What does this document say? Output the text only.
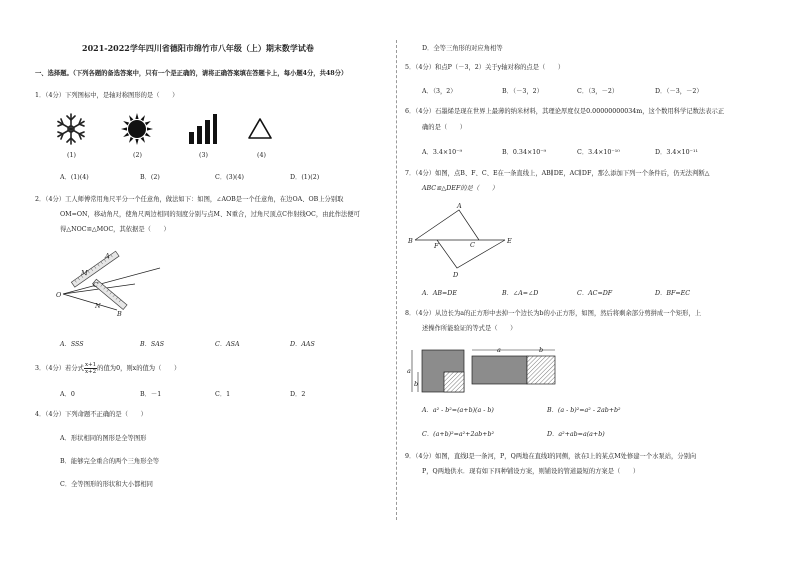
2021-2022学年四川省德阳市绵竹市八年级（上）期末数学试卷
一、选择题。（下列各题的备选答案中，只有一个是正确的，请将正确答案填在答题卡上，每小题4分，共48分）
1．（4分）下列图标中，是轴对称图形的是（　　）
(1)	(2)	(3)	(4)
A．(1)(4)	B．(2)	C．(3)(4)	D．(1)(2)
2．（4分）工人师傅常用角尺平分一个任意角，做法如下：如图，∠AOB是一个任意角，在边OA、OB上分别取
OM=ON，移动角尺，使角尺两边相同的刻度分别与点M、N重合，过角尺顶点C作射线OC，由此作法便可
得△NOC≌△MOC，其依据是（　　）
A
M
C
O
N
B
A．SSS	B．SAS	C．ASA	D．AAS
3．（4分）若分式 $\frac{x+1}{x+2}$ 的值为0，则x的值为（　　）
A．0	B．－1	C．1	D．2
4．（4分）下列命题不正确的是（　　）
A．形状相同的图形是全等图形
B．能够完全重合的两个三角形全等
C．全等图形的形状和大小都相同
D．全等三角形的对应角相等
5．（4分）和点P（－3，2）关于y轴对称的点是（　　）
A．（3，2）	B．（－3，2）	C．（3，－2）	D．（－3，－2）
6．（4分）石墨烯是现在世界上最薄的纳米材料，其理论厚度仅是0.00000000034m，这个数用科学记数法表示正
确的是（　　）
A．3.4×10⁻⁹	B．0.34×10⁻⁹	C．3.4×10⁻¹⁰	D．3.4×10⁻¹¹
7．（4分）如图，点B、F、C、E在一条直线上，AB∥DE，AC∥DF，那么添加下列一个条件后，仍无法判断△
ABC≌△DEF的是（　　）
A
B
F	C	E
D
A．AB=DE	B．∠A=∠D	C．AC=DF	D．BF=EC
8．（4分）从边长为a的正方形中去掉一个边长为b的小正方形，如图，然后将剩余部分剪拼成一个矩形，上
述操作所能验证的等式是（　　）
a
b
a	b
A．a² - b²=(a+b)(a - b)	B．(a - b)²=a² - 2ab+b²
C．(a+b)²=a²+2ab+b²	D．a²+ab=a(a+b)
9．（4分）如图，直线l是一条河，P，Q两地在直线l的同侧，欲在l上的某点M处修建一个水泵站，分别向
P，Q两地供水．现有如下四种铺设方案，则铺设的管道最短的方案是（　　）
